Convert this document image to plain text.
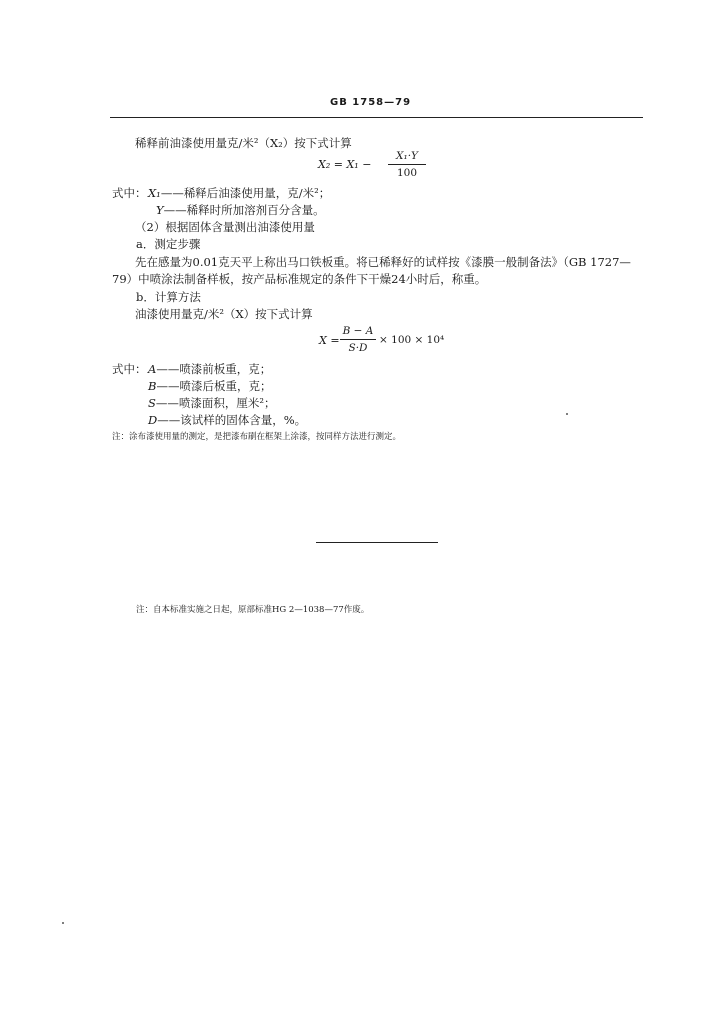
GB 1758—79
稀释前油漆使用量克/米²（X₂）按下式计算
X₂ = X₁ −
X₁·Y
100
式中： X₁——稀释后油漆使用量，克/米²；
Y——稀释时所加溶剂百分含量。
（2）根据固体含量测出油漆使用量
a．测定步骤
先在感量为0.01克天平上称出马口铁板重。将已稀释好的试样按《漆膜一般制备法》（GB 1727—
79）中喷涂法制备样板，按产品标准规定的条件下干燥24小时后，称重。
b．计算方法
油漆使用量克/米²（X）按下式计算
X =
B − A
S·D
× 100 × 10⁴
式中： A——喷漆前板重，克；
B——喷漆后板重，克；
S——喷漆面积，厘米²；
D——该试样的固体含量，%。
注：涂布漆使用量的测定，是把漆布刷在框架上涂漆，按同样方法进行测定。
注：自本标准实施之日起，原部标准HG 2—1038—77作废。
